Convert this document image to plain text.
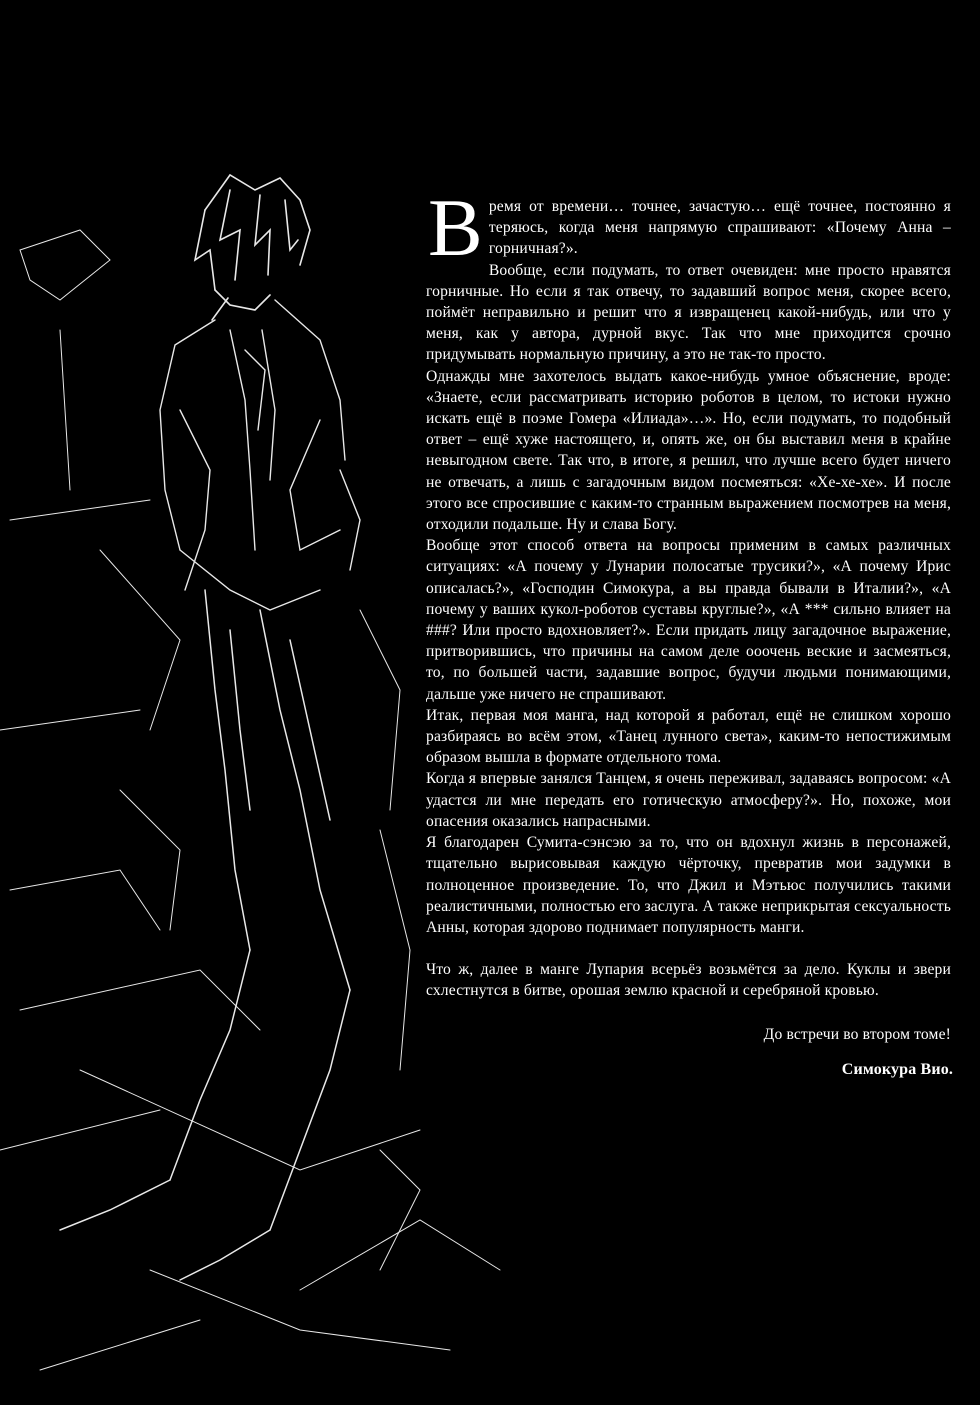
Время от времени… точнее, зачастую… ещё точнее, постоянно я теряюсь, когда меня напрямую спрашивают: «Почему Анна – горничная?».

Вообще, если подумать, то ответ очевиден: мне просто нравятся горничные. Но если я так отвечу, то задавший вопрос меня, скорее всего, поймёт неправильно и решит что я извращенец какой-нибудь, или что у меня, как у автора, дурной вкус. Так что мне приходится срочно придумывать нормальную причину, а это не так-то просто.

Однажды мне захотелось выдать какое-нибудь умное объяснение, вроде: «Знаете, если рассматривать историю роботов в целом, то истоки нужно искать ещё в поэме Гомера «Илиада»…». Но, если подумать, то подобный ответ – ещё хуже настоящего, и, опять же, он бы выставил меня в крайне невыгодном свете. Так что, в итоге, я решил, что лучше всего будет ничего не отвечать, а лишь с загадочным видом посмеяться: «Хе-хе-хе». И после этого все спросившие с каким-то странным выражением посмотрев на меня, отходили подальше. Ну и слава Богу.

Вообще этот способ ответа на вопросы применим в самых различных ситуациях: «А почему у Лунарии полосатые трусики?», «А почему Ирис описалась?», «Господин Симокура, а вы правда бывали в Италии?», «А почему у ваших кукол-роботов суставы круглые?», «А *** сильно влияет на ###? Или просто вдохновляет?». Если придать лицу загадочное выражение, притворившись, что причины на самом деле ооочень веские и засмеяться, то, по большей части, задавшие вопрос, будучи людьми понимающими, дальше уже ничего не спрашивают.

Итак, первая моя манга, над которой я работал, ещё не слишком хорошо разбираясь во всём этом, «Танец лунного света», каким-то непостижимым образом вышла в формате отдельного тома.

Когда я впервые занялся Танцем, я очень переживал, задаваясь вопросом: «А удастся ли мне передать его готическую атмосферу?». Но, похоже, мои опасения оказались напрасными.

Я благодарен Сумита-сэнсэю за то, что он вдохнул жизнь в персонажей, тщательно вырисовывая каждую чёрточку, превратив мои задумки в полноценное произведение. То, что Джил и Мэтьюс получились такими реалистичными, полностью его заслуга. А также неприкрытая сексуальность Анны, которая здорово поднимает популярность манги.

Что ж, далее в манге Лупария всерьёз возьмётся за дело. Куклы и звери схлестнутся в битве, орошая землю красной и серебряной кровью.

До встречи во втором томе!

Симокура Вио.
